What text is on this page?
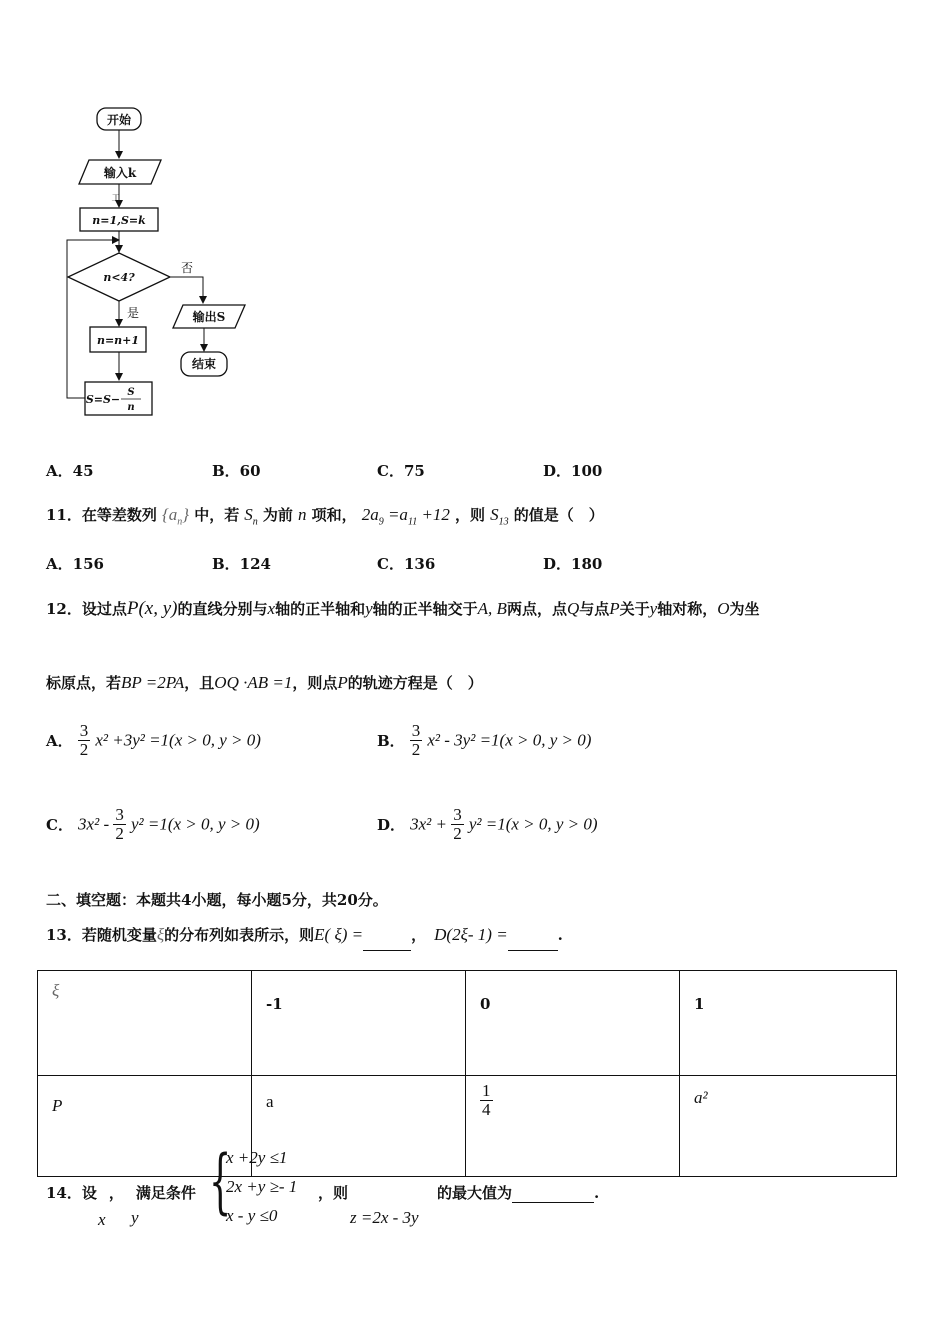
开始
输入k
工
n=1,S=k
n<4?
否
是
n=n+1
S=S−
S
n
输出S
结束
A．45	B．60	C．75	D．100
11．在等差数列 $\{a_n\}$ 中，若 $S_n$ 为前 n 项和， $2a_9 =a_{11} +12$ ，则 $S_{13}$ 的值是（　）
A．156	B．124	C．136	D．180
12．设过点P(x, y)的直线分别与x轴的正半轴和y轴的正半轴交于A, B两点，点Q与点P关于y轴对称，O为坐
标原点，若BP =2PA，且OQ ·AB =1，则点P的轨迹方程是（　）
A． $\frac{3}{2} x^2 +3y^2 =1(x > 0$, y > 0)	B． $\frac{3}{2} x^2 - 3y^2 =1(x > 0$, y > 0)
C． $3x^2 - \frac{3}{2} y^2 =1(x > 0$, y > 0)	D． $3x^2 + \frac{3}{2} y^2 =1(x > 0$, y > 0)
二、填空题：本题共4小题，每小题5分，共20分。
13．若随机变量ξ的分布列如表所示，则E( ξ) =	， D(2ξ- 1) =	.
ξ	-1	0	1
P	a	$\frac{1}{4}$	a²
14．设 ， 满足条件
x y {
x +2y ≤1
2x +y ≥- 1
x - y ≤0
，则
z =2x - 3y
的最大值为	.
